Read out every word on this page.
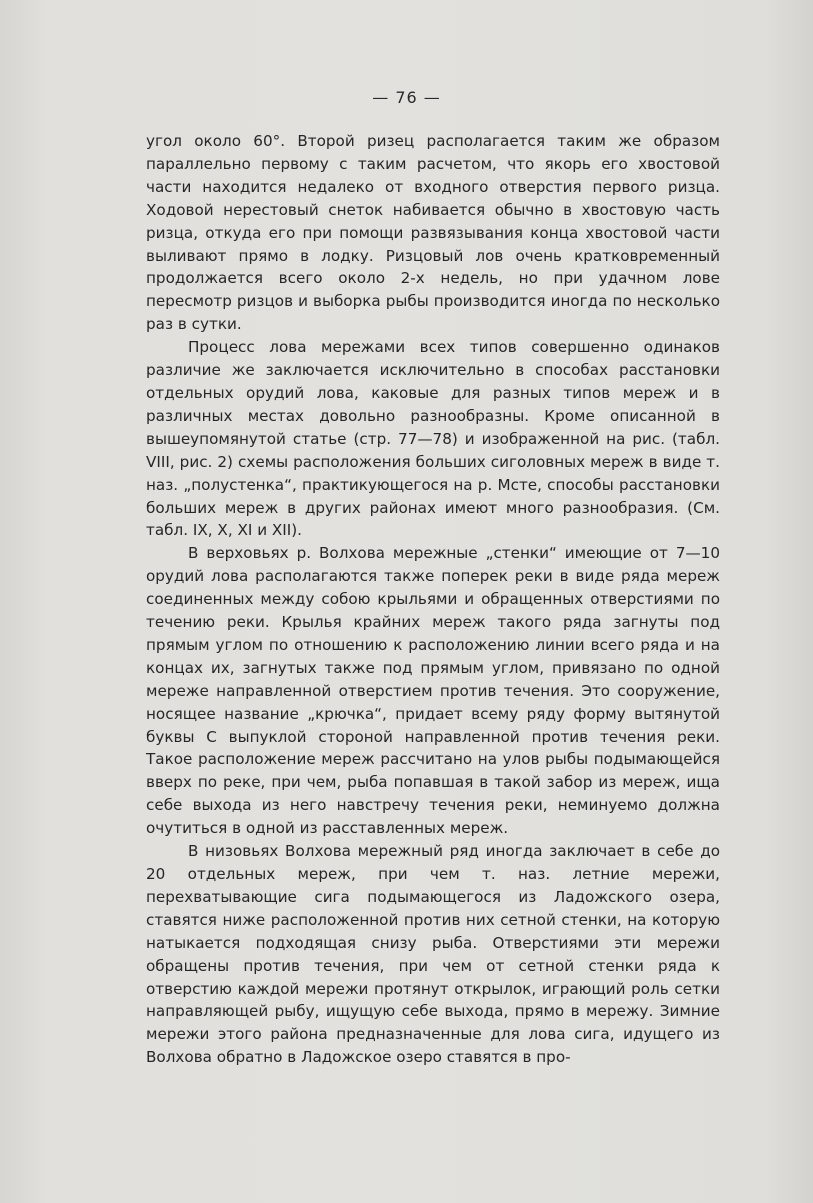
— 76 —

угол около 60°. Второй ризец располагается таким же образом параллельно первому с таким расчетом, что якорь его хвостовой части находится недалеко от входного отверстия первого ризца. Ходовой нерестовый снеток набивается обычно в хвостовую часть ризца, откуда его при помощи развязывания конца хвостовой части выливают прямо в лодку. Ризцовый лов очень кратковременный продолжается всего около 2-х недель, но при удачном лове пересмотр ризцов и выборка рыбы производится иногда по несколько раз в сутки.

Процесс лова мережами всех типов совершенно одинаков различие же заключается исключительно в способах расстановки отдельных орудий лова, каковые для разных типов мереж и в различных местах довольно разнообразны. Кроме описанной в вышеупомянутой статье (стр. 77—78) и изображенной на рис. (табл. VIII, рис. 2) схемы расположения больших сиголовных мереж в виде т. наз. „полустенка“, практикующегося на р. Мсте, способы расстановки больших мереж в других районах имеют много разнообразия. (См. табл. IX, X, XI и XII).

В верховьях р. Волхова мережные „стенки“ имеющие от 7—10 орудий лова располагаются также поперек реки в виде ряда мереж соединенных между собою крыльями и обращенных отверстиями по течению реки. Крылья крайних мереж такого ряда загнуты под прямым углом по отношению к расположению линии всего ряда и на концах их, загнутых также под прямым углом, привязано по одной мереже направленной отверстием против течения. Это сооружение, носящее название „крючка“, придает всему ряду форму вытянутой буквы С выпуклой стороной направленной против течения реки. Такое расположение мереж рассчитано на улов рыбы подымающейся вверх по реке, при чем, рыба попавшая в такой забор из мереж, ища себе выхода из него навстречу течения реки, неминуемо должна очутиться в одной из расставленных мереж.

В низовьях Волхова мережный ряд иногда заключает в себе до 20 отдельных мереж, при чем т. наз. летние мережи, перехватывающие сига подымающегося из Ладожского озера, ставятся ниже расположенной против них сетной стенки, на которую натыкается подходящая снизу рыба. Отверстиями эти мережи обращены против течения, при чем от сетной стенки ряда к отверстию каждой мережи протянут открылок, играющий роль сетки направляющей рыбу, ищущую себе выхода, прямо в мережу. Зимние мережи этого района предназначенные для лова сига, идущего из Волхова обратно в Ладожское озеро ставятся в про-
